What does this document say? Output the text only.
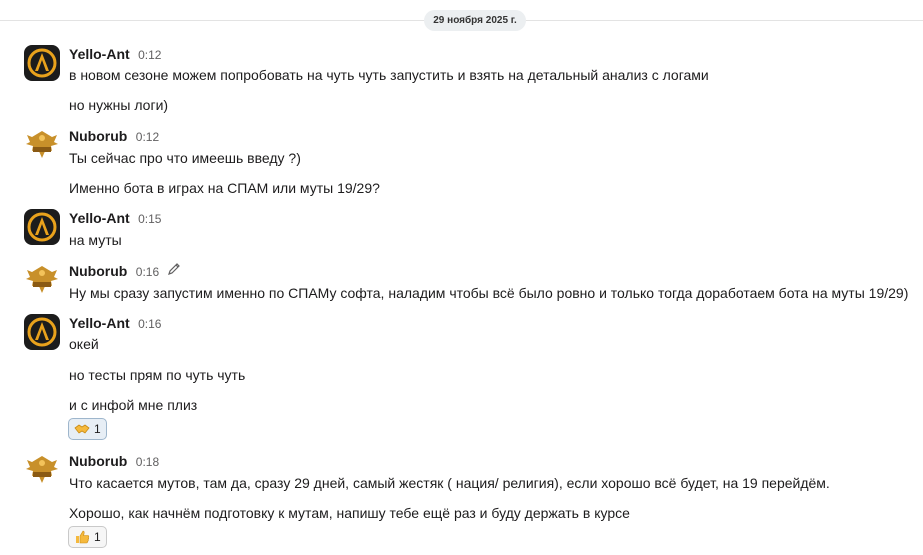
29 ноября 2025 г.
Yello-Ant 0:12
в новом сезоне можем попробовать на чуть чуть запустить и взять на детальный анализ с логами
но нужны логи)
Nuborub 0:12
Ты сейчас про что имеешь введу ?)
Именно бота в играх на СПАМ или муты 19/29?
Yello-Ant 0:15
на муты
Nuborub 0:16
Ну мы сразу запустим именно по СПАМу софта, наладим чтобы всё было ровно и только тогда доработаем бота на муты 19/29)
Yello-Ant 0:16
окей
но тесты прям по чуть чуть
и с инфой мне плиз
1
Nuborub 0:18
Что касается мутов, там да, сразу 29 дней, самый жестяк ( нация/ религия), если хорошо всё будет, на 19 перейдём.
Хорошо, как начнём подготовку к мутам, напишу тебе ещё раз и буду держать в курсе
1
